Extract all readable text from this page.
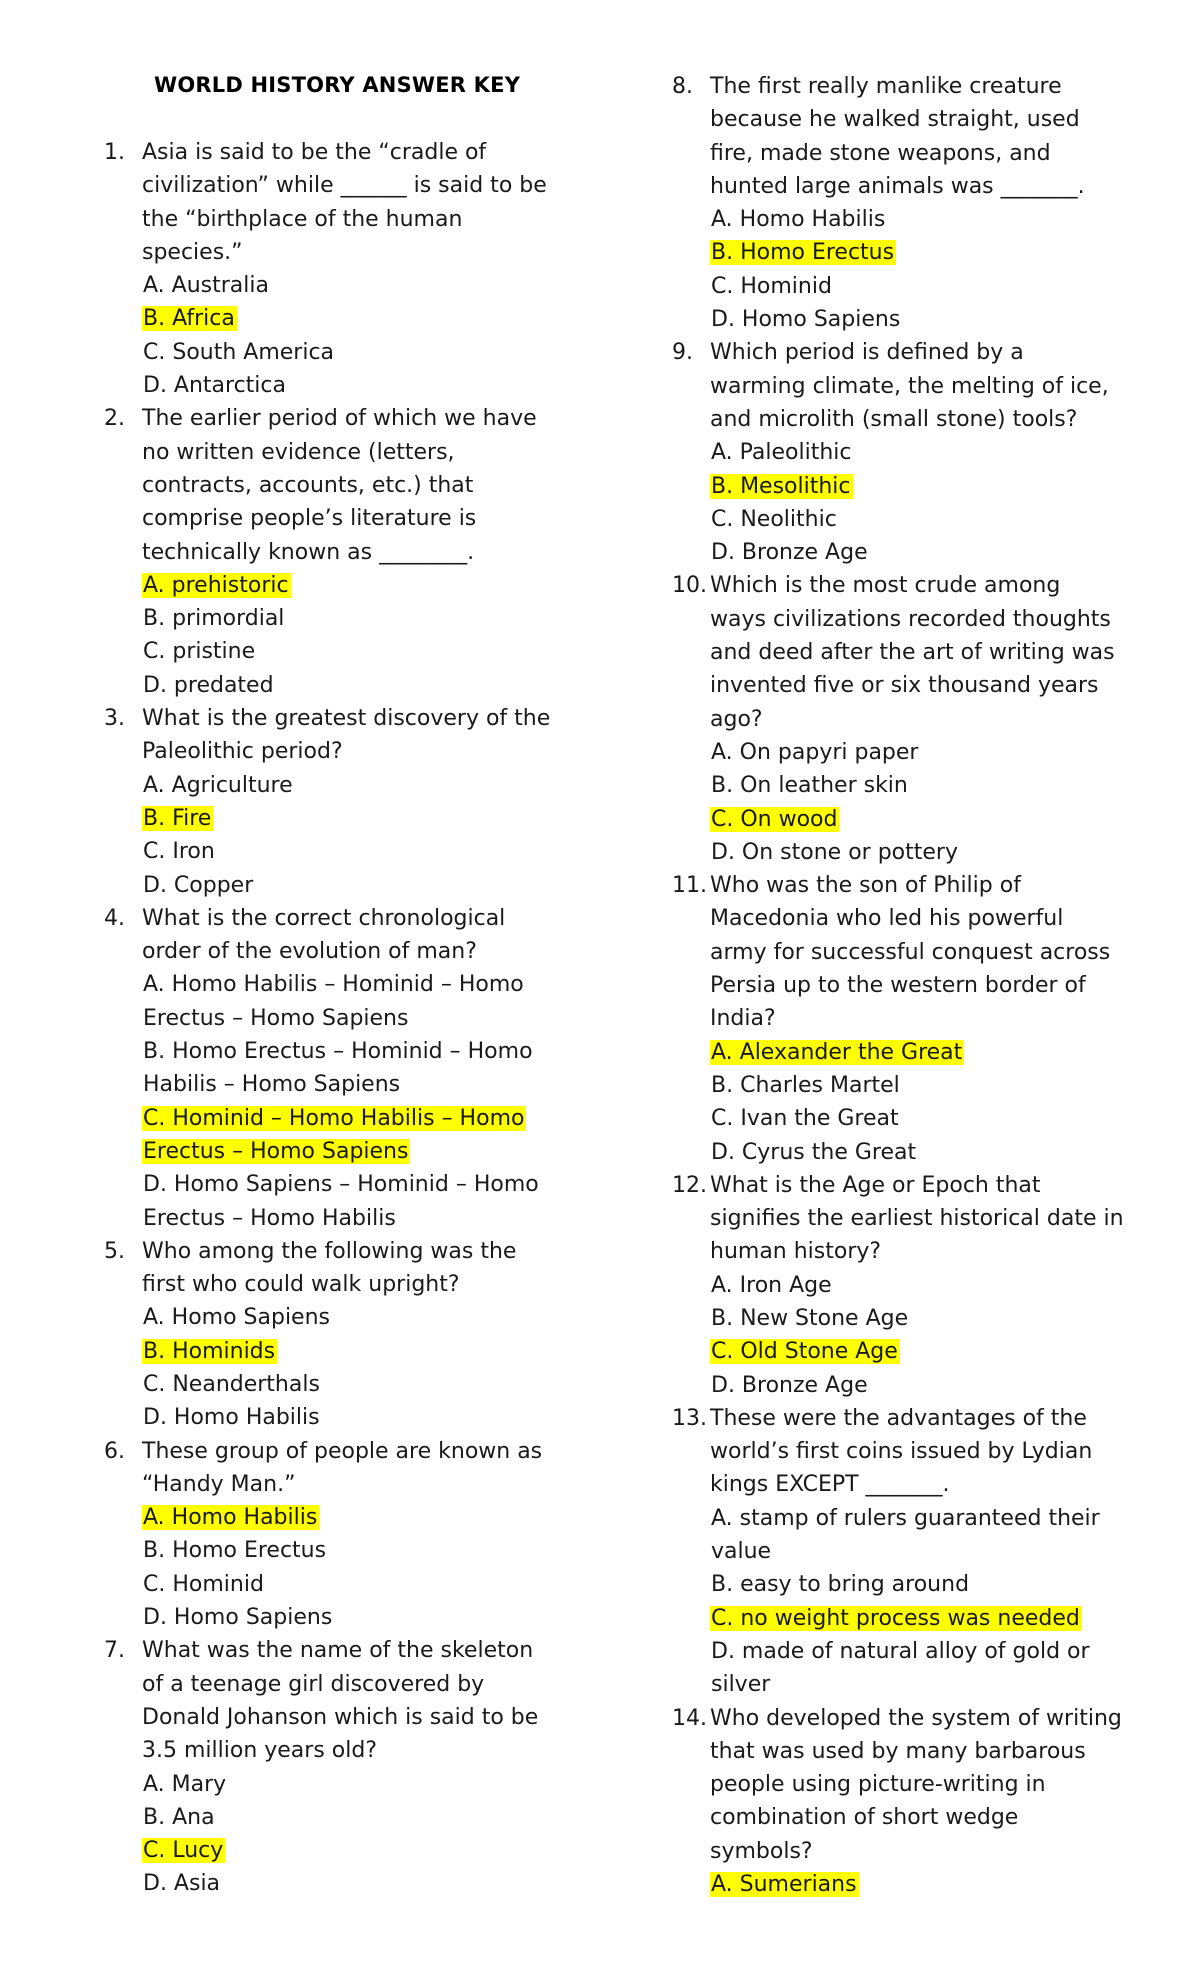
WORLD HISTORY ANSWER KEY
1. Asia is said to be the “cradle of
civilization” while ______ is said to be
the “birthplace of the human
species.”
A. Australia
B. Africa
C. South America
D. Antarctica
2. The earlier period of which we have
no written evidence (letters,
contracts, accounts, etc.) that
comprise people’s literature is
technically known as ________.
A. prehistoric
B. primordial
C. pristine
D. predated
3. What is the greatest discovery of the
Paleolithic period?
A. Agriculture
B. Fire
C. Iron
D. Copper
4. What is the correct chronological
order of the evolution of man?
A. Homo Habilis – Hominid – Homo
Erectus – Homo Sapiens
B. Homo Erectus – Hominid – Homo
Habilis – Homo Sapiens
C. Hominid – Homo Habilis – Homo
Erectus – Homo Sapiens
D. Homo Sapiens – Hominid – Homo
Erectus – Homo Habilis
5. Who among the following was the
first who could walk upright?
A. Homo Sapiens
B. Hominids
C. Neanderthals
D. Homo Habilis
6. These group of people are known as
“Handy Man.”
A. Homo Habilis
B. Homo Erectus
C. Hominid
D. Homo Sapiens
7. What was the name of the skeleton
of a teenage girl discovered by
Donald Johanson which is said to be
3.5 million years old?
A. Mary
B. Ana
C. Lucy
D. Asia
8. The first really manlike creature
because he walked straight, used
fire, made stone weapons, and
hunted large animals was _______.
A. Homo Habilis
B. Homo Erectus
C. Hominid
D. Homo Sapiens
9. Which period is defined by a
warming climate, the melting of ice,
and microlith (small stone) tools?
A. Paleolithic
B. Mesolithic
C. Neolithic
D. Bronze Age
10. Which is the most crude among
ways civilizations recorded thoughts
and deed after the art of writing was
invented five or six thousand years
ago?
A. On papyri paper
B. On leather skin
C. On wood
D. On stone or pottery
11. Who was the son of Philip of
Macedonia who led his powerful
army for successful conquest across
Persia up to the western border of
India?
A. Alexander the Great
B. Charles Martel
C. Ivan the Great
D. Cyrus the Great
12. What is the Age or Epoch that
signifies the earliest historical date in
human history?
A. Iron Age
B. New Stone Age
C. Old Stone Age
D. Bronze Age
13. These were the advantages of the
world’s first coins issued by Lydian
kings EXCEPT _______.
A. stamp of rulers guaranteed their
value
B. easy to bring around
C. no weight process was needed
D. made of natural alloy of gold or
silver
14. Who developed the system of writing
that was used by many barbarous
people using picture-writing in
combination of short wedge
symbols?
A. Sumerians
